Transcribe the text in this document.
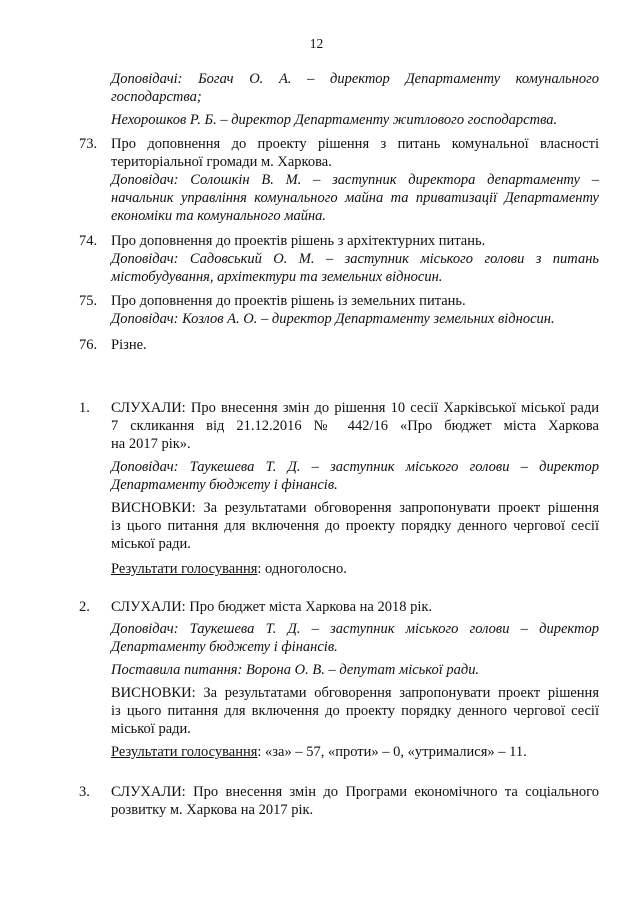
12
Доповідачі: Богач О. А. – директор Департаменту комунального
господарства;
Нехорошков Р. Б. – директор Департаменту житлового господарства.
73. Про доповнення до проекту рішення з питань комунальної власності
територіальної громади м. Харкова.
Доповідач: Солошкін В. М. – заступник директора департаменту –
начальник управління комунального майна та приватизації Департаменту
економіки та комунального майна.
74. Про доповнення до проектів рішень з архітектурних питань.
Доповідач: Садовський О. М. – заступник міського голови з питань
містобудування, архітектури та земельних відносин.
75. Про доповнення до проектів рішень із земельних питань.
Доповідач: Козлов А. О. – директор Департаменту земельних відносин.
76. Різне.
1. СЛУХАЛИ: Про внесення змін до рішення 10 сесії Харківської міської ради
7 скликання від 21.12.2016 № 442/16 «Про бюджет міста Харкова
на 2017 рік».
Доповідач: Таукешева Т. Д. – заступник міського голови – директор
Департаменту бюджету і фінансів.
ВИСНОВКИ: За результатами обговорення запропонувати проект рішення
із цього питання для включення до проекту порядку денного чергової сесії
міської ради.
Результати голосування: одноголосно.
2. СЛУХАЛИ: Про бюджет міста Харкова на 2018 рік.
Доповідач: Таукешева Т. Д. – заступник міського голови – директор
Департаменту бюджету і фінансів.
Поставила питання: Ворона О. В. – депутат міської ради.
ВИСНОВКИ: За результатами обговорення запропонувати проект рішення
із цього питання для включення до проекту порядку денного чергової сесії
міської ради.
Результати голосування: «за» – 57, «проти» – 0, «утрималися» – 11.
3. СЛУХАЛИ: Про внесення змін до Програми економічного та соціального
розвитку м. Харкова на 2017 рік.
